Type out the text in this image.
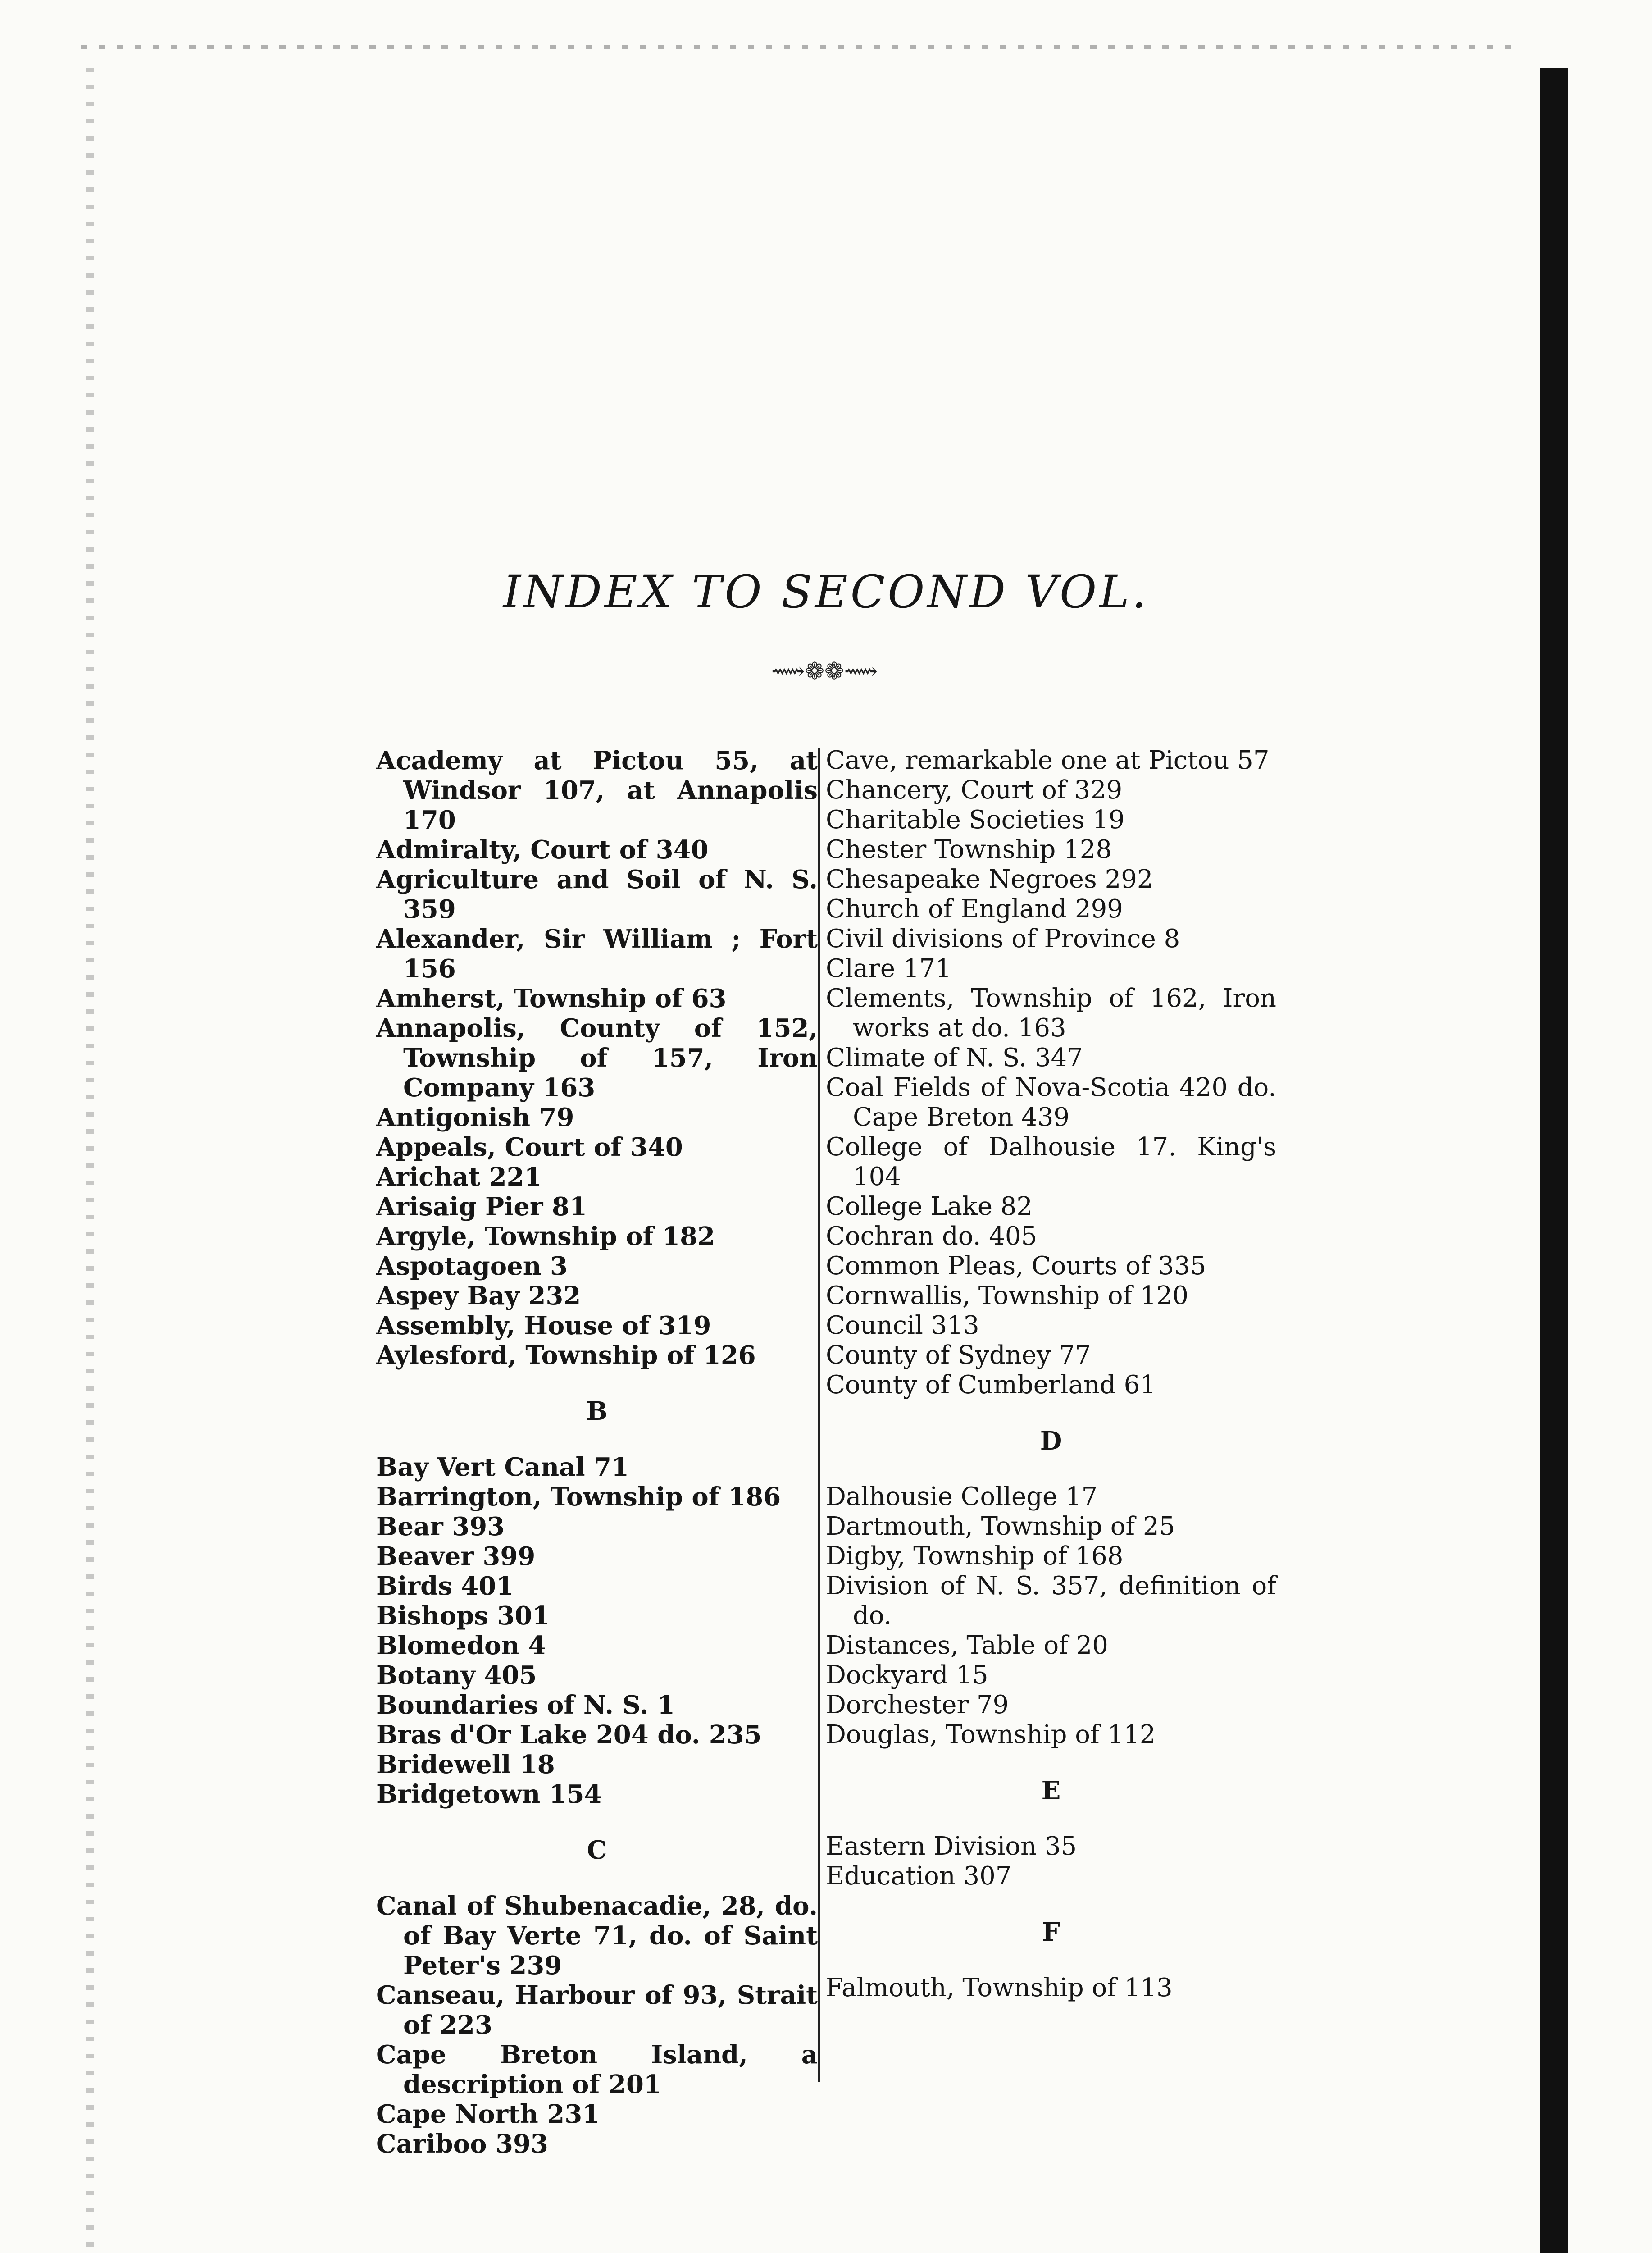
INDEX TO SECOND VOL.
⟿❁❁⟿

Academy at Pictou 55, at Windsor 107, at Annapolis 170

Admiralty, Court of 340

Agriculture and Soil of N. S. 359

Alexander, Sir William ; Fort 156

Amherst, Township of 63

Annapolis, County of 152, Township of 157, Iron Company 163

Antigonish 79

Appeals, Court of 340

Arichat 221

Arisaig Pier 81

Argyle, Township of 182

Aspotagoen 3

Aspey Bay 232

Assembly, House of 319

Aylesford, Township of 126

B

Bay Vert Canal 71

Barrington, Township of 186

Bear 393

Beaver 399

Birds 401

Bishops 301

Blomedon 4

Botany 405

Boundaries of N. S. 1

Bras d'Or Lake 204 do. 235

Bridewell 18

Bridgetown 154

C

Canal of Shubenacadie, 28, do. of Bay Verte 71, do. of Saint Peter's 239

Canseau, Harbour of 93, Strait of 223

Cape Breton Island, a description of 201

Cape North 231

Cariboo 393

Cave, remarkable one at Pictou 57

Chancery, Court of 329

Charitable Societies 19

Chester Township 128

Chesapeake Negroes 292

Church of England 299

Civil divisions of Province 8

Clare 171

Clements, Township of 162, Iron works at do. 163

Climate of N. S. 347

Coal Fields of Nova-Scotia 420 do. Cape Breton 439

College of Dalhousie 17. King's 104

College Lake 82

Cochran do. 405

Common Pleas, Courts of 335

Cornwallis, Township of 120

Council 313

County of Sydney 77

County of Cumberland 61

D

Dalhousie College 17

Dartmouth, Township of 25

Digby, Township of 168

Division of N. S. 357, definition of do.

Distances, Table of 20

Dockyard 15

Dorchester 79

Douglas, Township of 112

E

Eastern Division 35

Education 307

F

Falmouth, Township of 113
